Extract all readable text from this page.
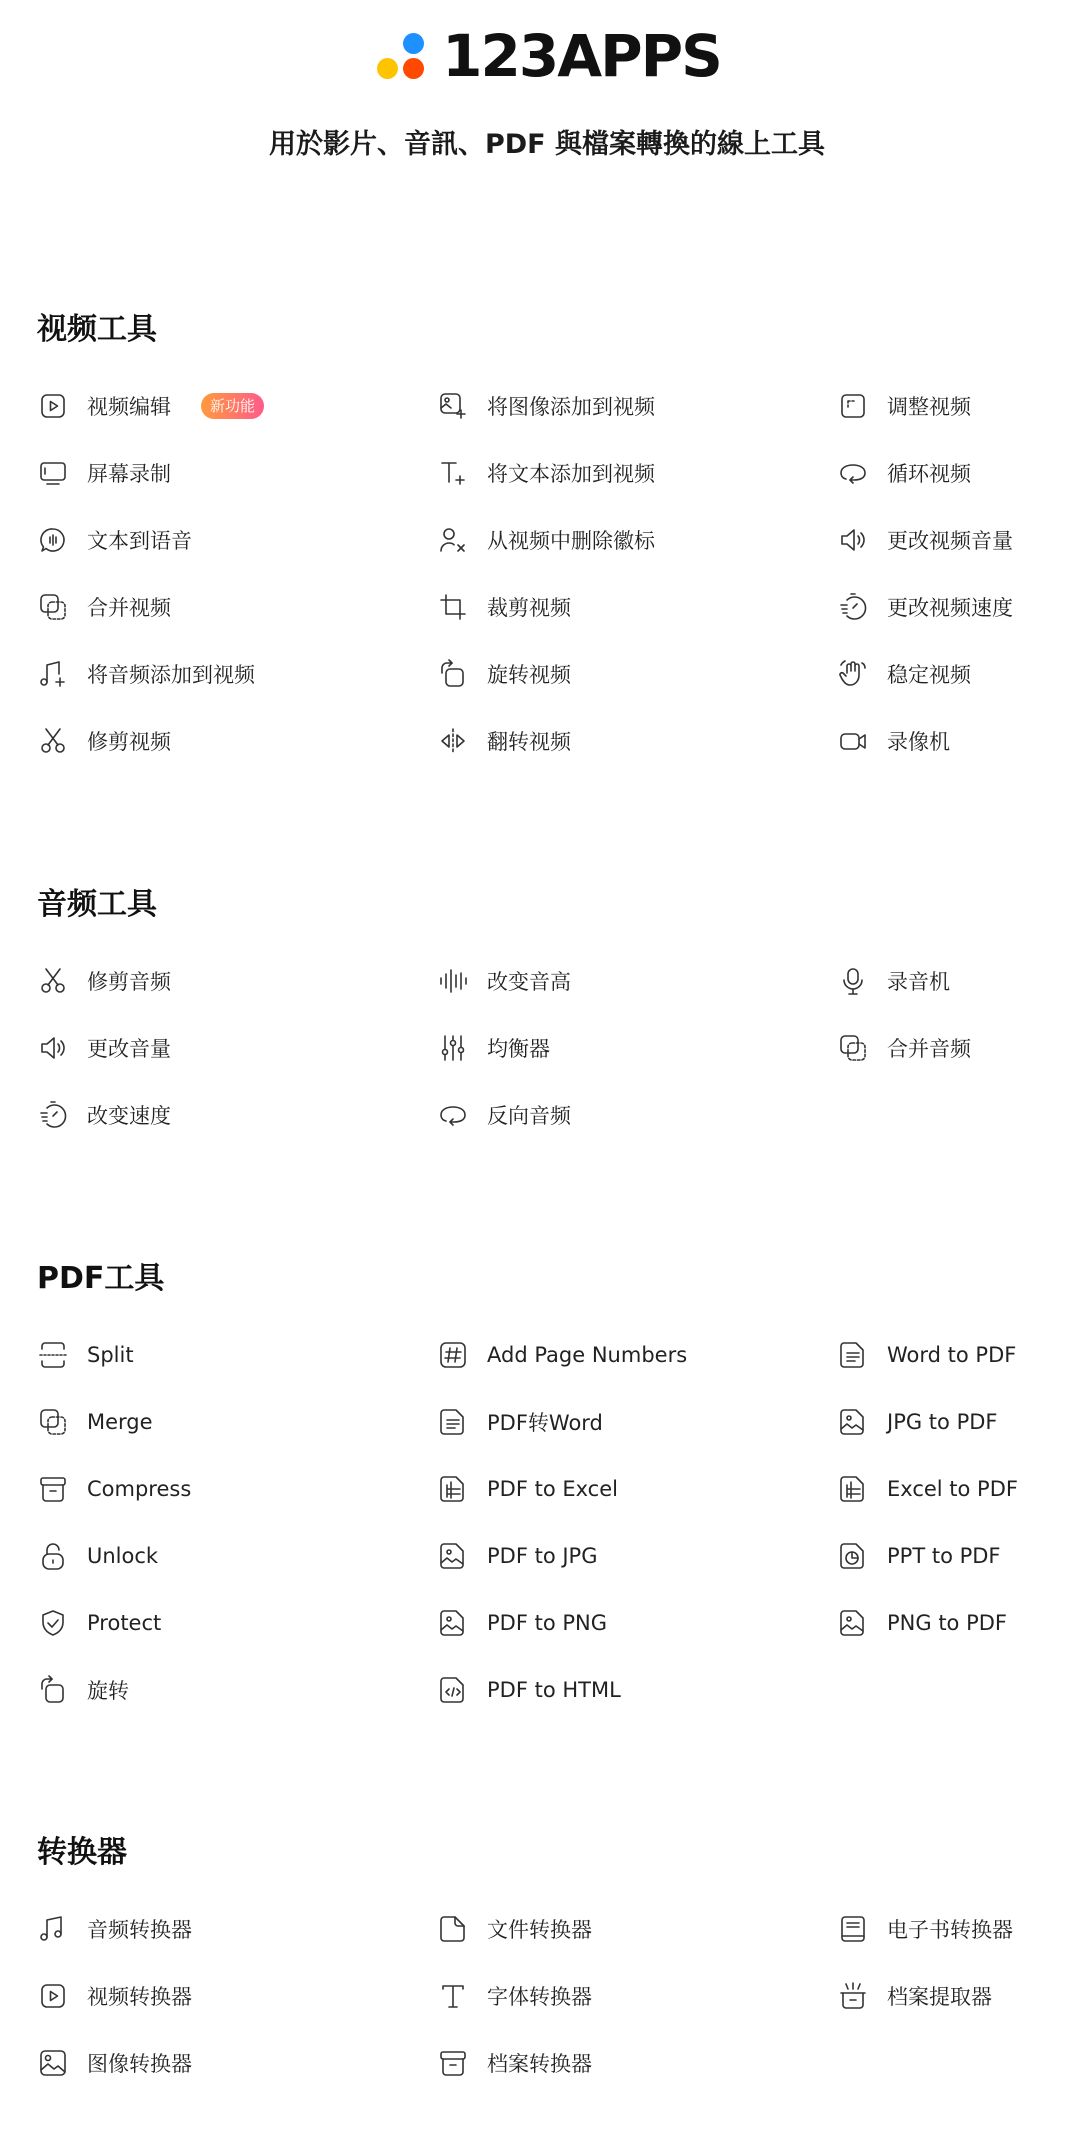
123APPS
用於影片、音訊、PDF 與檔案轉換的線上工具
视频工具
视频编辑	新功能	将图像添加到视频	调整视频
屏幕录制	将文本添加到视频	循环视频
文本到语音	从视频中删除徽标	更改视频音量
合并视频	裁剪视频	更改视频速度
将音频添加到视频	旋转视频	稳定视频
修剪视频	翻转视频	录像机
音频工具
修剪音频	改变音高	录音机
更改音量	均衡器	合并音频
改变速度	反向音频
PDF工具
Split	Add Page Numbers	Word to PDF
Merge	PDF转Word	JPG to PDF
Compress	PDF to Excel	Excel to PDF
Unlock	PDF to JPG	PPT to PDF
Protect	PDF to PNG	PNG to PDF
旋转	PDF to HTML
转换器
音频转换器	文件转换器	电子书转换器
视频转换器	字体转换器	档案提取器
图像转换器	档案转换器
